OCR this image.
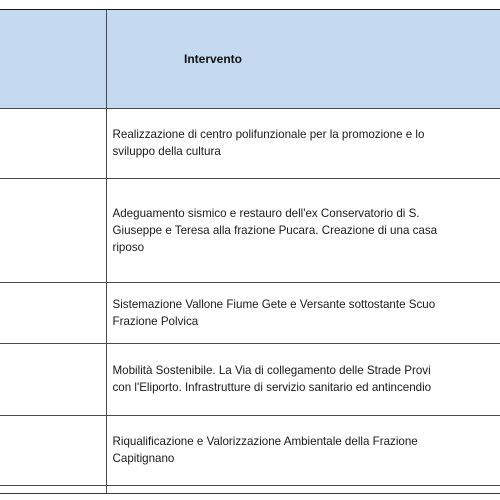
	Intervento

	Realizzazione di centro polifunzionale per la promozione e lo
sviluppo della cultura

	Adeguamento sismico e restauro dell'ex Conservatorio di S.
Giuseppe e Teresa alla frazione Pucara. Creazione di una casa
riposo

	Sistemazione Vallone Fiume Gete e Versante sottostante Scuo
Frazione Polvica

	Mobilità Sostenibile. La Via di collegamento delle Strade Provi
con l'Eliporto. Infrastrutture di servizio sanitario ed antincendio

	Riqualificazione e Valorizzazione Ambientale della Frazione
Capitignano
